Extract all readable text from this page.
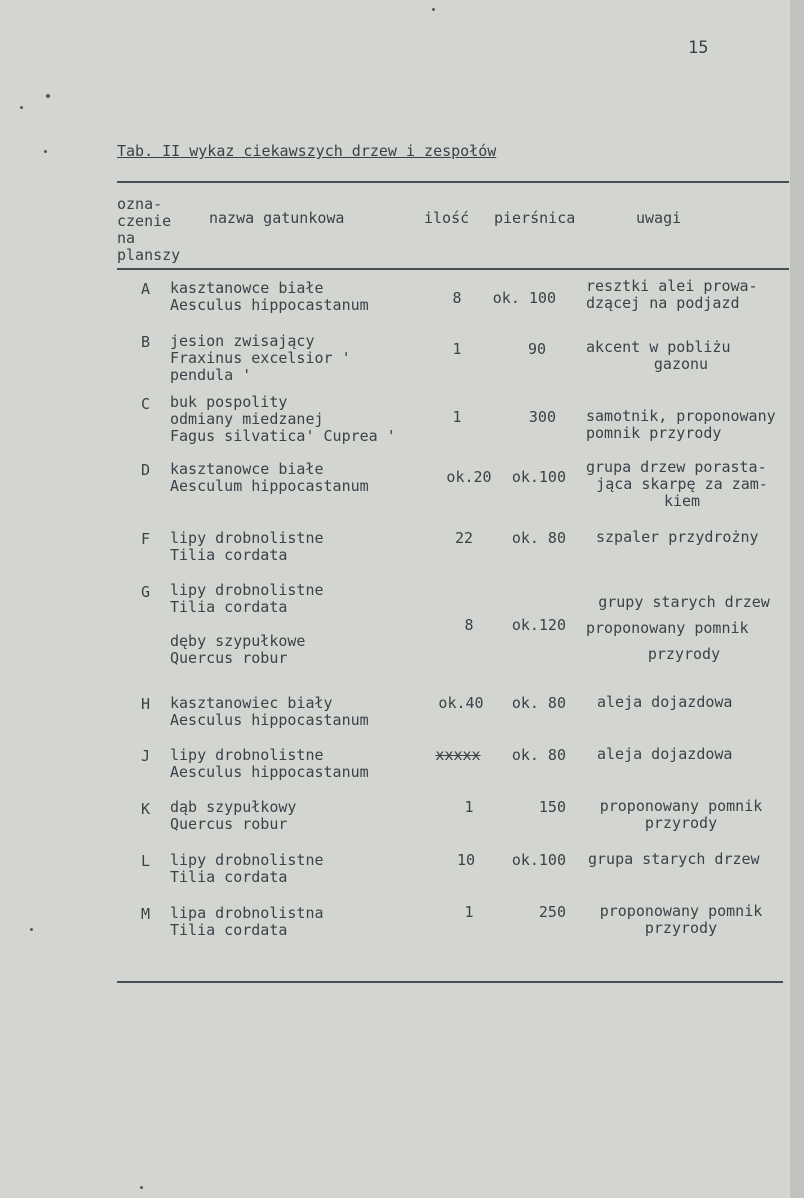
15
Tab. II wykaz ciekawszych drzew i zespołów
ozna-
czenie
na
planszy
nazwa gatunkowa	ilość pierśnica	uwagi
A kasztanowce białe
Aesculus hippocastanum	8	ok. 100
resztki alei prowa-
dzącej na podjazd
B jesion zwisający
Fraxinus excelsior '
pendula '
1	90	akcent w pobliżu
gazonu
C buk pospolity
odmiany miedzanej
Fagus silvatica' Cuprea '
1	300 samotnik, proponowany
pomnik przyrody
D kasztanowce białe
Aesculum hippocastanum	ok.20	ok.100
grupa drzew porasta-
jąca skarpę za zam-
kiem
F lipy drobnolistne
Tilia cordata
22	ok. 80 szpaler przydrożny
G lipy drobnolistne
Tilia cordata
dęby szypułkowe
Quercus robur
8	ok.120
grupy starych drzew
proponowany pomnik
przyrody
H kasztanowiec biały
Aesculus hippocastanum
ok.40	ok. 80 aleja dojazdowa
J lipy drobnolistne
Aesculus hippocastanum
xxxxx	ok. 80 aleja dojazdowa
K dąb szypułkowy
Quercus robur
1	150	proponowany pomnik
przyrody
L lipy drobnolistne
Tilia cordata
10	ok.100 grupa starych drzew
M lipa drobnolistna
Tilia cordata
1	250	proponowany pomnik
przyrody
